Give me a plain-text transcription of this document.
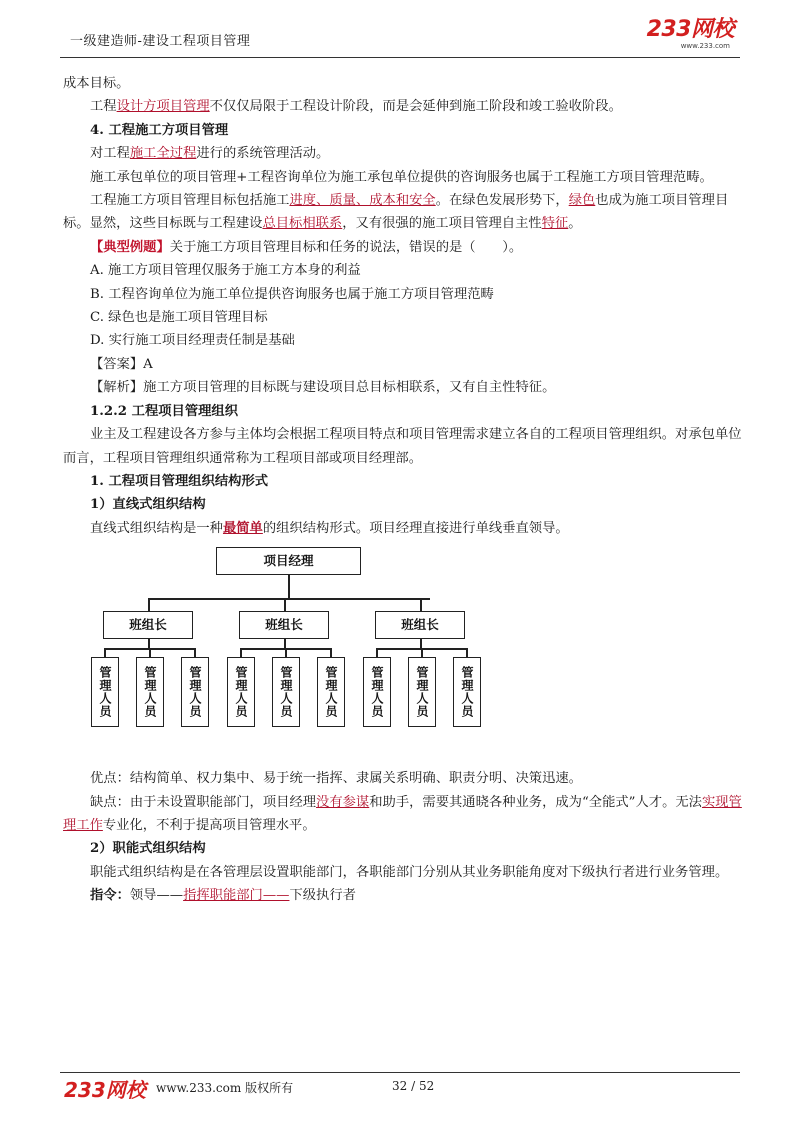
一级建造师-建设工程项目管理	233网校
www.233.com

成本目标。

工程设计方项目管理不仅仅局限于工程设计阶段，而是会延伸到施工阶段和竣工验收阶段。

4. 工程施工方项目管理

对工程施工全过程进行的系统管理活动。

施工承包单位的项目管理+工程咨询单位为施工承包单位提供的咨询服务也属于工程施工方项目管理范畴。

工程施工方项目管理目标包括施工进度、质量、成本和安全。在绿色发展形势下，绿色也成为施工项目管理目标。显然，这些目标既与工程建设总目标相联系，又有很强的施工项目管理自主性特征。

【典型例题】关于施工方项目管理目标和任务的说法，错误的是（　　）。

A. 施工方项目管理仅服务于施工方本身的利益

B. 工程咨询单位为施工单位提供咨询服务也属于施工方项目管理范畴

C. 绿色也是施工项目管理目标

D. 实行施工项目经理责任制是基础

【答案】A

【解析】施工方项目管理的目标既与建设项目总目标相联系，又有自主性特征。

1.2.2 工程项目管理组织

业主及工程建设各方参与主体均会根据工程项目特点和项目管理需求建立各自的工程项目管理组织。对承包单位而言，工程项目管理组织通常称为工程项目部或项目经理部。

1. 工程项目管理组织结构形式

1）直线式组织结构

直线式组织结构是一种最简单的组织结构形式。项目经理直接进行单线垂直领导。

项目经理
班组长	班组长	班组长
管理人员	管理人员	管理人员	管理人员	管理人员	管理人员	管理人员	管理人员	管理人员

优点：结构简单、权力集中、易于统一指挥、隶属关系明确、职责分明、决策迅速。

缺点：由于未设置职能部门，项目经理没有参谋和助手，需要其通晓各种业务，成为“全能式”人才。无法实现管理工作专业化，不利于提高项目管理水平。

2）职能式组织结构

职能式组织结构是在各管理层设置职能部门，各职能部门分别从其业务职能角度对下级执行者进行业务管理。

指令：领导——指挥职能部门——下级执行者

233网校 www.233.com 版权所有	32 / 52
